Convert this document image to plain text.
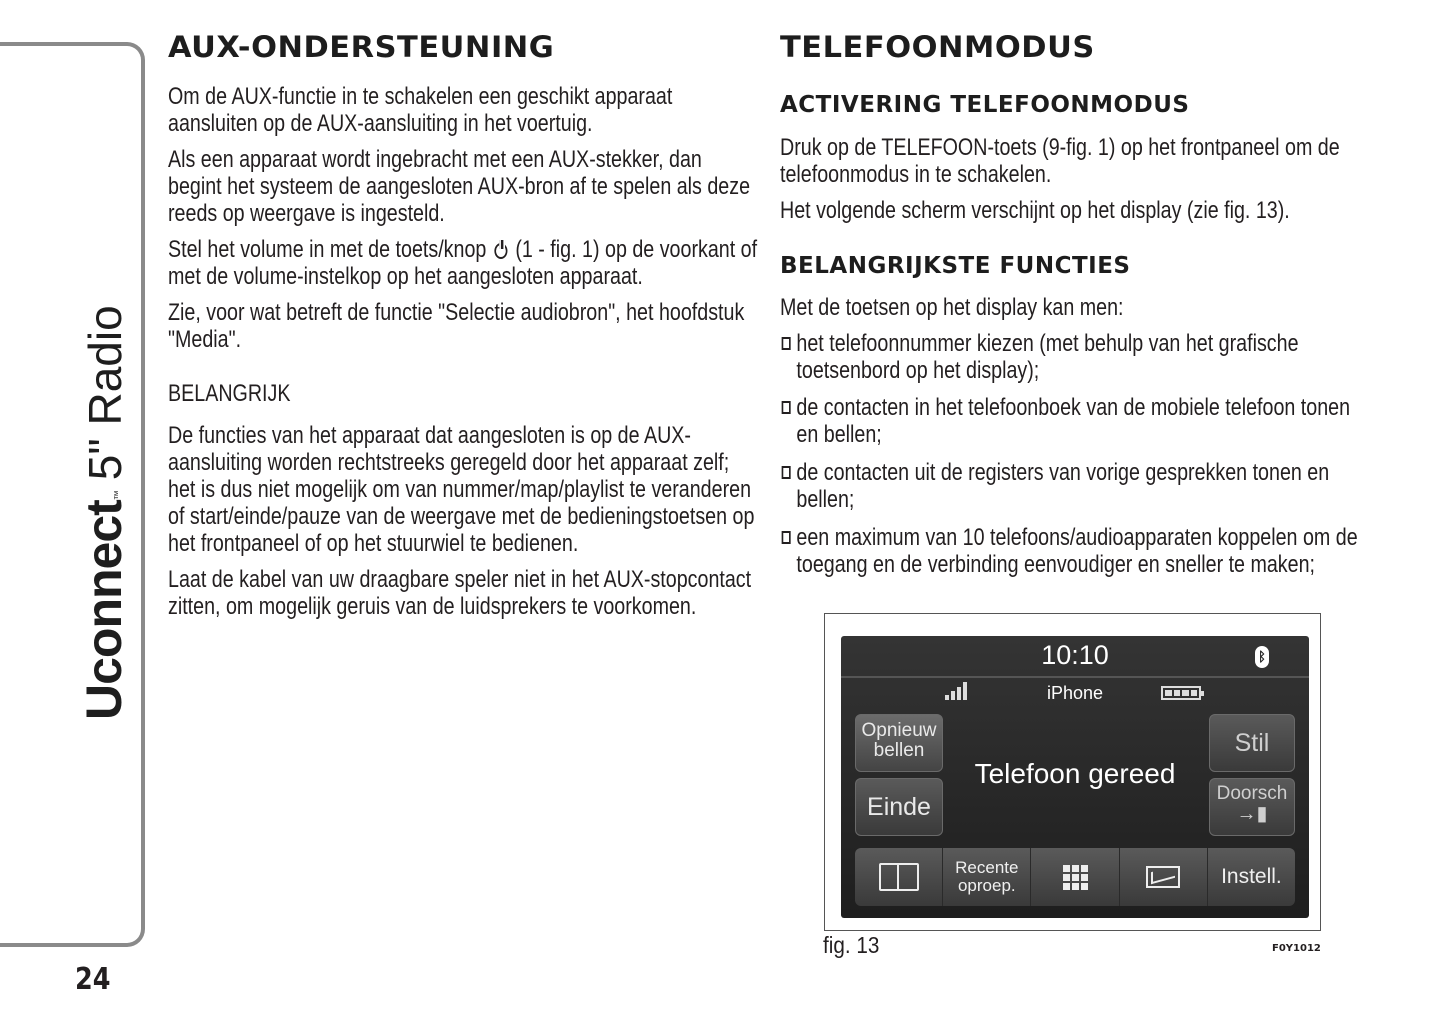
Uconnect
™
5" Radio
24
AUX-ONDERSTEUNING
Om de AUX-functie in te schakelen een geschikt apparaat aansluiten op de AUX-aansluiting in het voertuig.
Als een apparaat wordt ingebracht met een AUX-stekker, dan begint het systeem de aangesloten AUX-bron af te spelen als deze reeds op weergave is ingesteld.
Stel het volume in met de toets/knop (1 - fig. 1) op de voorkant of met de volume-instelkop op het aangesloten apparaat.
Zie, voor wat betreft de functie "Selectie audiobron", het hoofdstuk "Media".
BELANGRIJK
De functies van het apparaat dat aangesloten is op de AUX-aansluiting worden rechtstreeks geregeld door het apparaat zelf; het is dus niet mogelijk om van nummer/map/playlist te veranderen of start/einde/pauze van de weergave met de bedieningstoetsen op het frontpaneel of op het stuurwiel te bedienen.
Laat de kabel van uw draagbare speler niet in het AUX-stopcontact zitten, om mogelijk geruis van de luidsprekers te voorkomen.
TELEFOONMODUS
ACTIVERING TELEFOONMODUS
Druk op de TELEFOON-toets (9-fig. 1) op het frontpaneel om de telefoonmodus in te schakelen.
Het volgende scherm verschijnt op het display (zie fig. 13).
BELANGRIJKSTE FUNCTIES
Met de toetsen op het display kan men:
het telefoonnummer kiezen (met behulp van het grafische toetsenbord op het display);
de contacten in het telefoonboek van de mobiele telefoon tonen en bellen;
de contacten uit de registers van vorige gesprekken tonen en bellen;
een maximum van 10 telefoons/audioapparaten koppelen om de toegang en de verbinding eenvoudiger en sneller te maken;
10:10	ᛒ
iPhone
Opnieuw bellen
Einde
Telefoon gereed
Stil
Doorsch
→▮
Recente oproep.	Instell.
fig. 13	F0Y1012
